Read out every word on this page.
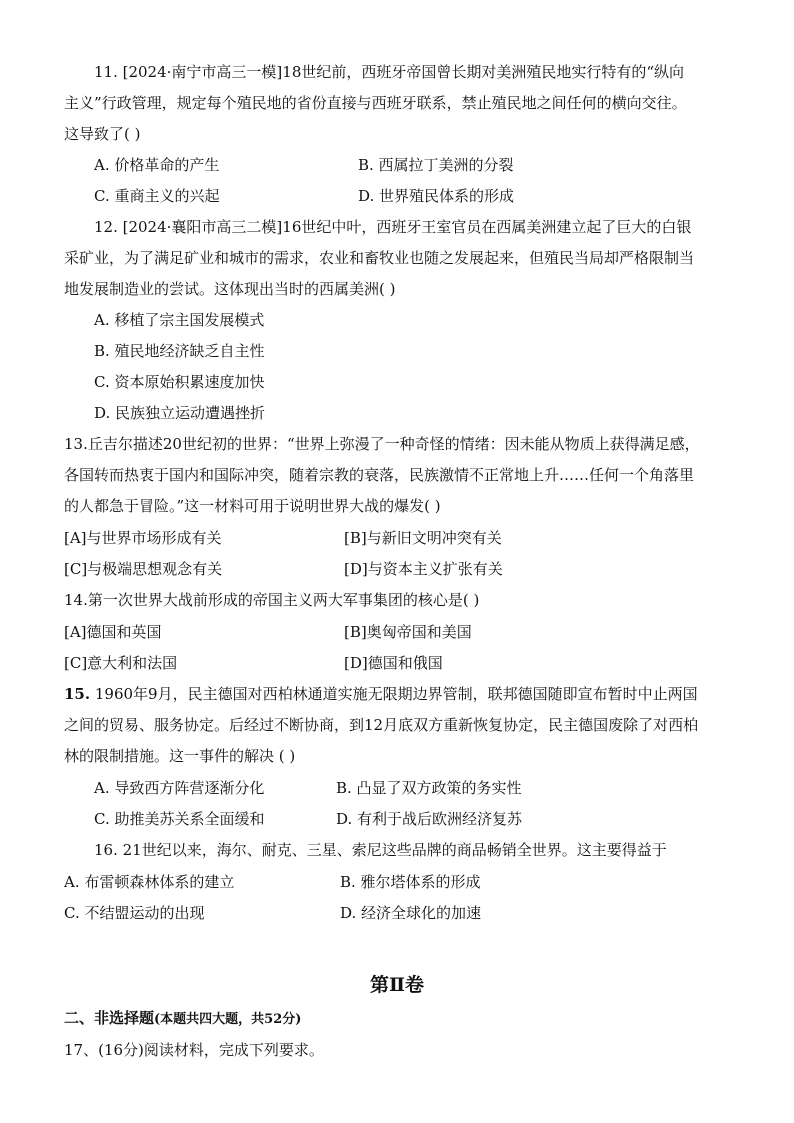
11. [2024·南宁市高三一模]18世纪前，西班牙帝国曾长期对美洲殖民地实行特有的“纵向
主义”行政管理，规定每个殖民地的省份直接与西班牙联系，禁止殖民地之间任何的横向交往。
这导致了( )
A. 价格革命的产生	B. 西属拉丁美洲的分裂
C. 重商主义的兴起	D. 世界殖民体系的形成
12. [2024·襄阳市高三二模]16世纪中叶，西班牙王室官员在西属美洲建立起了巨大的白银
采矿业，为了满足矿业和城市的需求，农业和畜牧业也随之发展起来，但殖民当局却严格限制当
地发展制造业的尝试。这体现出当时的西属美洲( )
A. 移植了宗主国发展模式
B. 殖民地经济缺乏自主性
C. 资本原始积累速度加快
D. 民族独立运动遭遇挫折
13.丘吉尔描述20世纪初的世界：“世界上弥漫了一种奇怪的情绪：因未能从物质上获得满足感，
各国转而热衷于国内和国际冲突，随着宗教的衰落，民族激情不正常地上升……任何一个角落里
的人都急于冒险。”这一材料可用于说明世界大战的爆发( )
[A]与世界市场形成有关	[B]与新旧文明冲突有关
[C]与极端思想观念有关	[D]与资本主义扩张有关
14.第一次世界大战前形成的帝国主义两大军事集团的核心是( )
[A]德国和英国	[B]奥匈帝国和美国
[C]意大利和法国	[D]德国和俄国
15. 1960年9月，民主德国对西柏林通道实施无限期边界管制，联邦德国随即宣布暂时中止两国
之间的贸易、服务协定。后经过不断协商，到12月底双方重新恢复协定，民主德国废除了对西柏
林的限制措施。这一事件的解决 ( )
A. 导致西方阵营逐渐分化	B. 凸显了双方政策的务实性
C. 助推美苏关系全面缓和	D. 有利于战后欧洲经济复苏
16. 21世纪以来，海尔、耐克、三星、索尼这些品牌的商品畅销全世界。这主要得益于
A. 布雷顿森林体系的建立	B. 雅尔塔体系的形成
C. 不结盟运动的出现	D. 经济全球化的加速
第Ⅱ卷
二、非选择题(本题共四大题，共52分)
17、(16分)阅读材料，完成下列要求。
